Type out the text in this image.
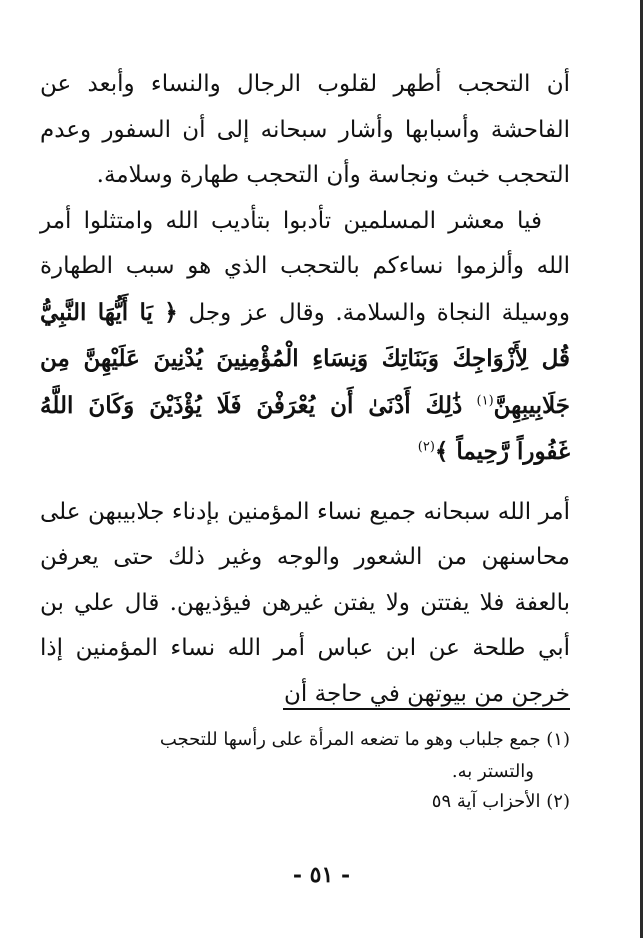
أن التحجب أطهر لقلوب الرجال والنساء وأبعد عن الفاحشة وأسبابها وأشار سبحانه إلى أن السفور وعدم التحجب خبث ونجاسة وأن التحجب طهارة وسلامة.

فيا معشر المسلمين تأدبوا بتأديب الله وامتثلوا أمر الله وألزموا نساءكم بالتحجب الذي هو سبب الطهارة ووسيلة النجاة والسلامة. وقال عز وجل ﴿ يَا أَيُّهَا النَّبِيُّ قُل لِأَزْوَاجِكَ وَبَنَاتِكَ وَنِسَاءِ الْمُؤْمِنِينَ يُدْنِينَ عَلَيْهِنَّ مِن جَلَابِيبِهِنَّ$^{(١)}$ ذَٰلِكَ أَدْنَىٰ أَن يُعْرَفْنَ فَلَا يُؤْذَيْنَ وَكَانَ اللَّهُ غَفُوراً رَّحِيماً ﴾$^{(٢)}$

أمر الله سبحانه جميع نساء المؤمنين بإدناء جلابيبهن على محاسنهن من الشعور والوجه وغير ذلك حتى يعرفن بالعفة فلا يفتتن ولا يفتن غيرهن فيؤذيهن. قال علي بن أبي طلحة عن ابن عباس أمر الله نساء المؤمنين إذا خرجن من بيوتهن في حاجة أن

(١) جمع جلباب وهو ما تضعه المرأة على رأسها للتحجب

والتستر به.

(٢) الأحزاب آية ٥٩

- ٥١ -
